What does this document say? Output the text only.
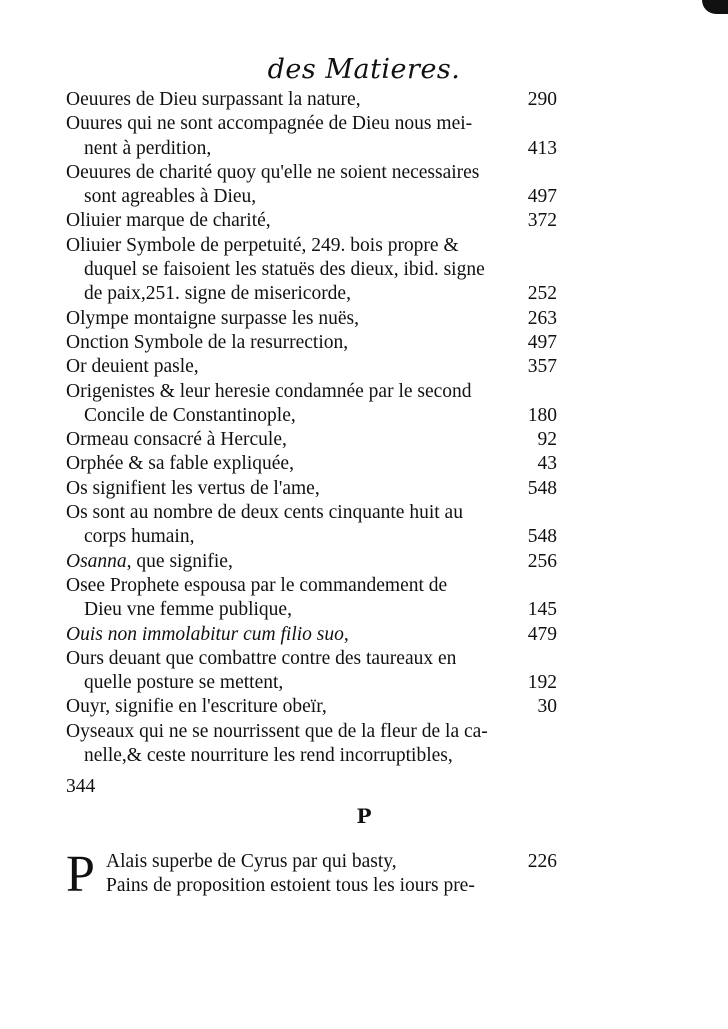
des Matieres.
Oeuures de Dieu surpassant la nature,	290
Ouures qui ne sont accompagnée de Dieu nous mei-
nent à perdition,	413
Oeuures de charité quoy qu'elle ne soient necessaires
sont agreables à Dieu,	497
Oliuier marque de charité,	372
Oliuier Symbole de perpetuité, 249. bois propre &
duquel se faisoient les statuës des dieux, ibid. signe
de paix,251. signe de misericorde,	252
Olympe montaigne surpasse les nuës,	263
Onction Symbole de la resurrection,	497
Or deuient pasle,	357
Origenistes & leur heresie condamnée par le second
Concile de Constantinople,	180
Ormeau consacré à Hercule,	92
Orphée & sa fable expliquée,	43
Os signifient les vertus de l'ame,	548
Os sont au nombre de deux cents cinquante huit au
corps humain,	548
Osanna, que signifie,	256
Osee Prophete espousa par le commandement de
Dieu vne femme publique,	145
Ouis non immolabitur cum filio suo,	479
Ours deuant que combattre contre des taureaux en
quelle posture se mettent,	192
Ouyr, signifie en l'escriture obeïr,	30
Oyseaux qui ne se nourrissent que de la fleur de la ca-
nelle,& ceste nourriture les rend incorruptibles,
344
P
P Alais superbe de Cyrus par qui basty,	226
Pains de proposition estoient tous les iours pre-
